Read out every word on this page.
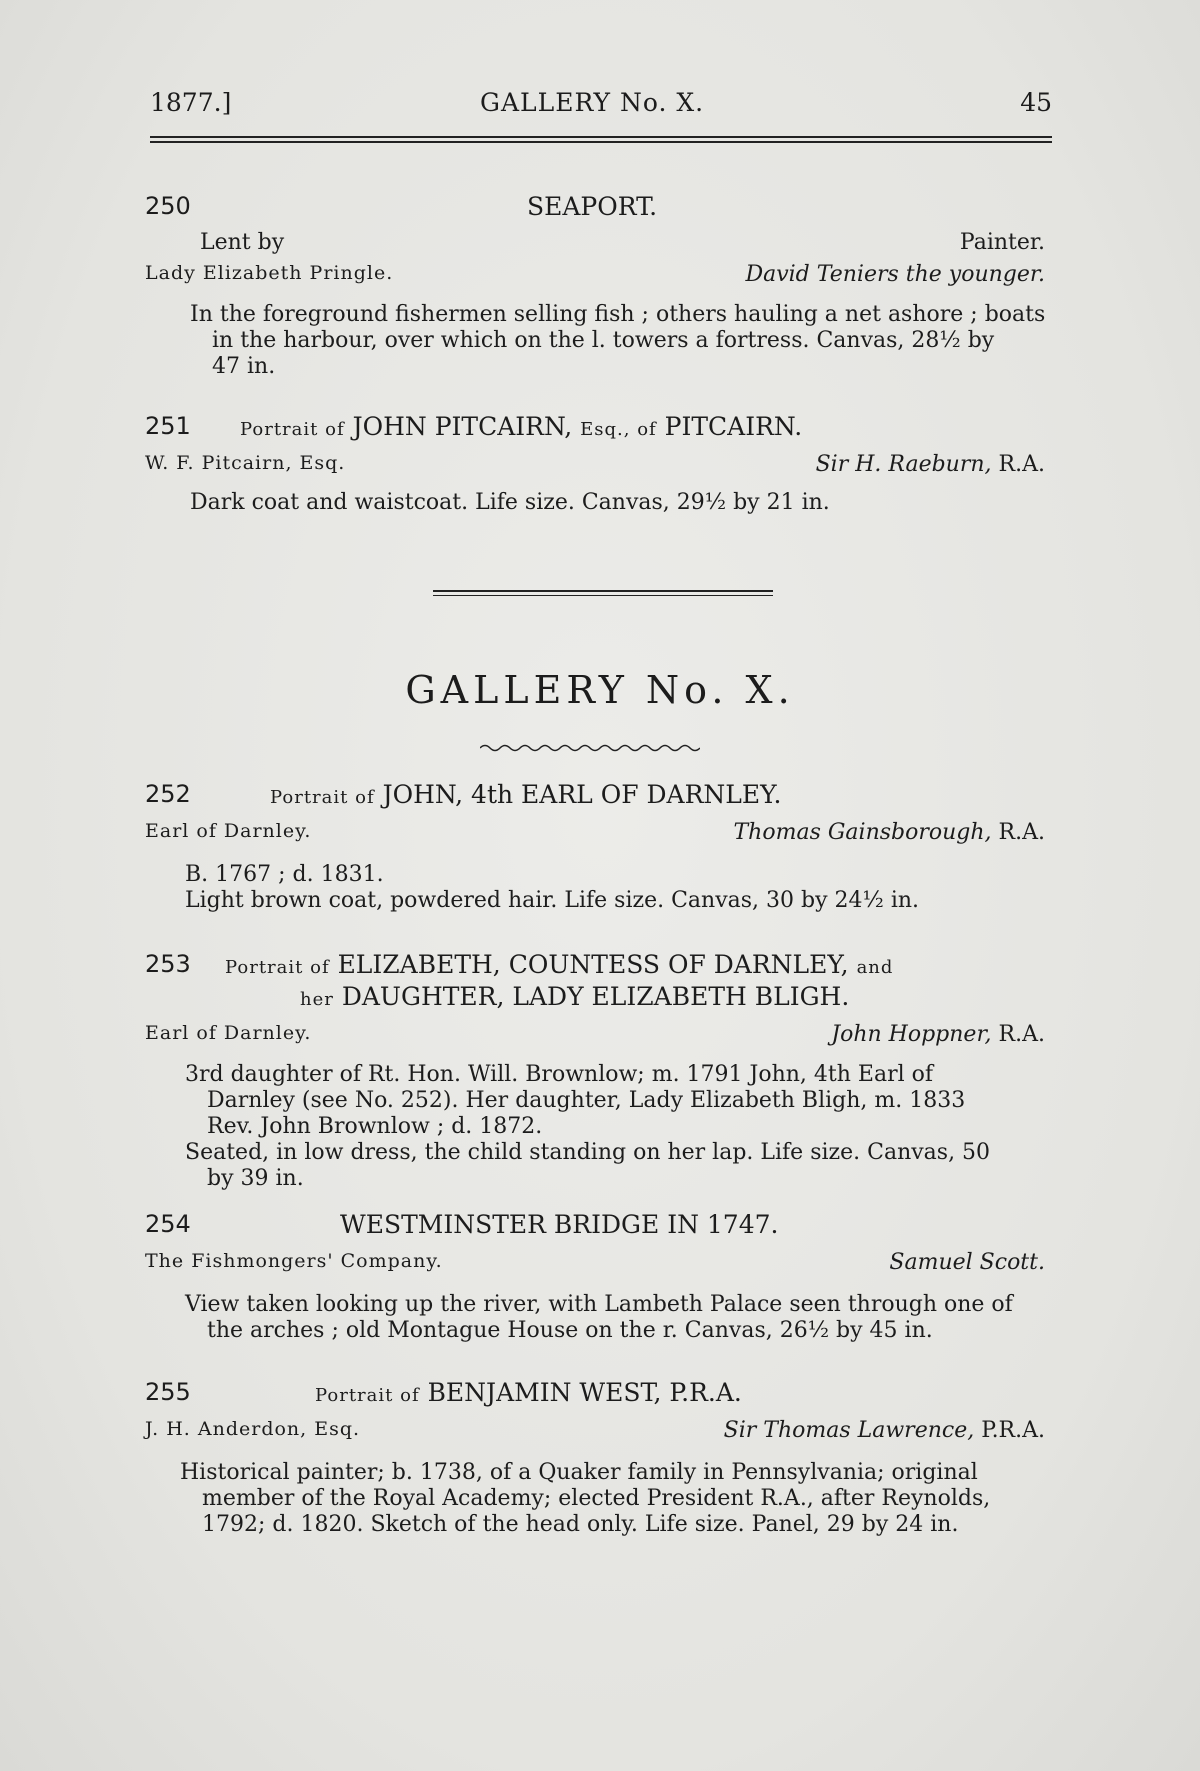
1877.]	GALLERY No. X.	45
250	SEAPORT.
Lent by	Painter.
Lady Elizabeth Pringle.	David Teniers the younger.
In the foreground fishermen selling fish ; others hauling a net ashore ; boats
in the harbour, over which on the l. towers a fortress. Canvas, 28½ by
47 in.
251	Portrait of JOHN PITCAIRN, Esq., of PITCAIRN.
W. F. Pitcairn, Esq.	Sir H. Raeburn, R.A.
Dark coat and waistcoat. Life size. Canvas, 29½ by 21 in.
GALLERY No. X.
252	Portrait of JOHN, 4th EARL OF DARNLEY.
Earl of Darnley.	Thomas Gainsborough, R.A.
B. 1767 ; d. 1831.
Light brown coat, powdered hair. Life size. Canvas, 30 by 24½ in.
253 Portrait of ELIZABETH, COUNTESS OF DARNLEY, and
her DAUGHTER, LADY ELIZABETH BLIGH.
Earl of Darnley.	John Hoppner, R.A.
3rd daughter of Rt. Hon. Will. Brownlow; m. 1791 John, 4th Earl of
Darnley (see No. 252). Her daughter, Lady Elizabeth Bligh, m. 1833
Rev. John Brownlow ; d. 1872.
Seated, in low dress, the child standing on her lap. Life size. Canvas, 50
by 39 in.
254	WESTMINSTER BRIDGE IN 1747.
The Fishmongers' Company.	Samuel Scott.
View taken looking up the river, with Lambeth Palace seen through one of
the arches ; old Montague House on the r. Canvas, 26½ by 45 in.
255	Portrait of BENJAMIN WEST, P.R.A.
J. H. Anderdon, Esq.	Sir Thomas Lawrence, P.R.A.
Historical painter; b. 1738, of a Quaker family in Pennsylvania; original
member of the Royal Academy; elected President R.A., after Reynolds,
1792; d. 1820. Sketch of the head only. Life size. Panel, 29 by 24 in.
